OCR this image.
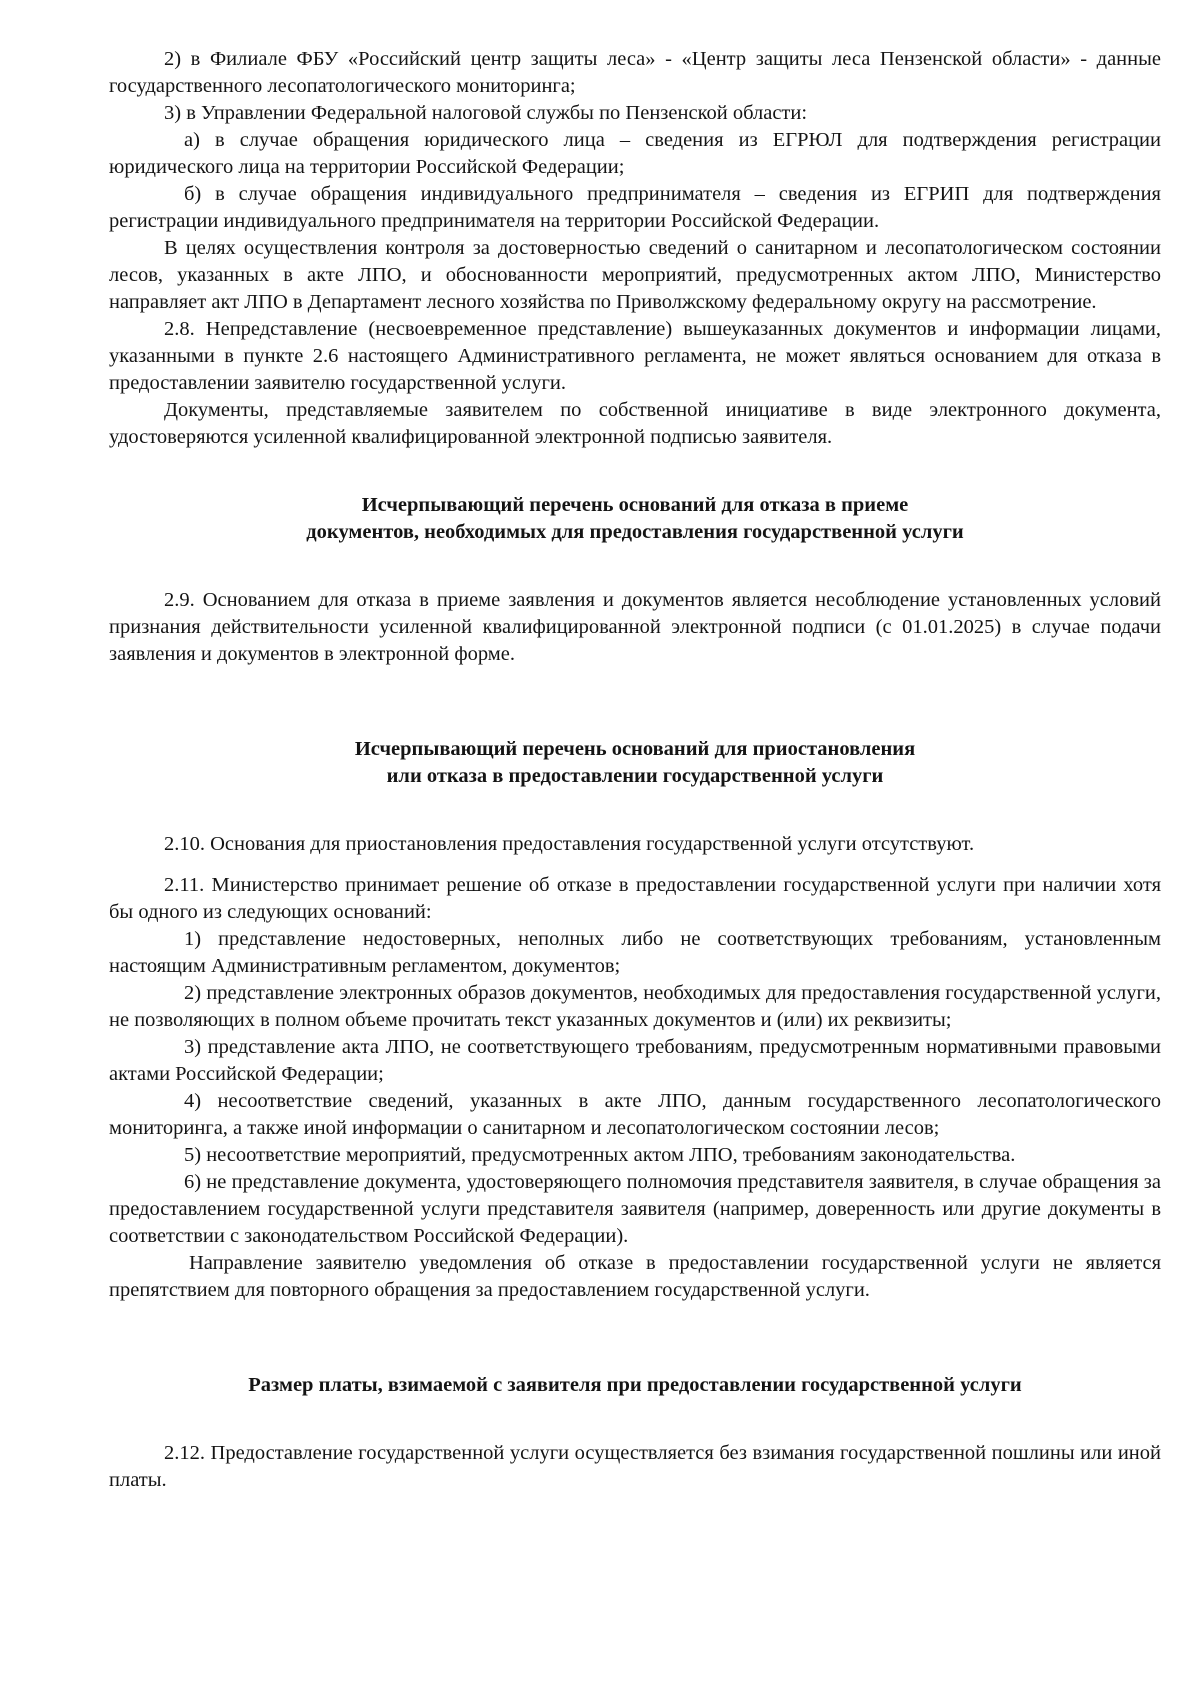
2) в Филиале ФБУ «Российский центр защиты леса» - «Центр защиты леса Пензенской области» - данные государственного лесопатологического мониторинга;

3) в Управлении Федеральной налоговой службы по Пензенской области:

а) в случае обращения юридического лица – сведения из ЕГРЮЛ для подтверждения регистрации юридического лица на территории Российской Федерации;

б) в случае обращения индивидуального предпринимателя – сведения из ЕГРИП для подтверждения регистрации индивидуального предпринимателя на территории Российской Федерации.

В целях осуществления контроля за достоверностью сведений о санитарном и лесопатологическом состоянии лесов, указанных в акте ЛПО, и обоснованности мероприятий, предусмотренных актом ЛПО, Министерство направляет акт ЛПО в Департамент лесного хозяйства по Приволжскому федеральному округу на рассмотрение.

2.8. Непредставление (несвоевременное представление) вышеуказанных документов и информации лицами, указанными в пункте 2.6 настоящего Административного регламента, не может являться основанием для отказа в предоставлении заявителю государственной услуги.

Документы, представляемые заявителем по собственной инициативе в виде электронного документа, удостоверяются усиленной квалифицированной электронной подписью заявителя.

Исчерпывающий перечень оснований для отказа в приеме
документов, необходимых для предоставления государственной услуги

2.9. Основанием для отказа в приеме заявления и документов является несоблюдение установленных условий признания действительности усиленной квалифицированной электронной подписи (с 01.01.2025) в случае подачи заявления и документов в электронной форме.

Исчерпывающий перечень оснований для приостановления
или отказа в предоставлении государственной услуги

2.10. Основания для приостановления предоставления государственной услуги отсутствуют.

2.11. Министерство принимает решение об отказе в предоставлении государственной услуги при наличии хотя бы одного из следующих оснований:

1) представление недостоверных, неполных либо не соответствующих требованиям, установленным настоящим Административным регламентом, документов;

2) представление электронных образов документов, необходимых для предоставления государственной услуги, не позволяющих в полном объеме прочитать текст указанных документов и (или) их реквизиты;

3) представление акта ЛПО, не соответствующего требованиям, предусмотренным нормативными правовыми актами Российской Федерации;

4) несоответствие сведений, указанных в акте ЛПО, данным государственного лесопатологического мониторинга, а также иной информации о санитарном и лесопатологическом состоянии лесов;

5) несоответствие мероприятий, предусмотренных актом ЛПО, требованиям законодательства.

6) не представление документа, удостоверяющего полномочия представителя заявителя, в случае обращения за предоставлением государственной услуги представителя заявителя (например, доверенность или другие документы в соответствии с законодательством Российской Федерации).

Направление заявителю уведомления об отказе в предоставлении государственной услуги не является препятствием для повторного обращения за предоставлением государственной услуги.

Размер платы, взимаемой с заявителя при предоставлении государственной услуги

2.12. Предоставление государственной услуги осуществляется без взимания государственной пошлины или иной платы.
